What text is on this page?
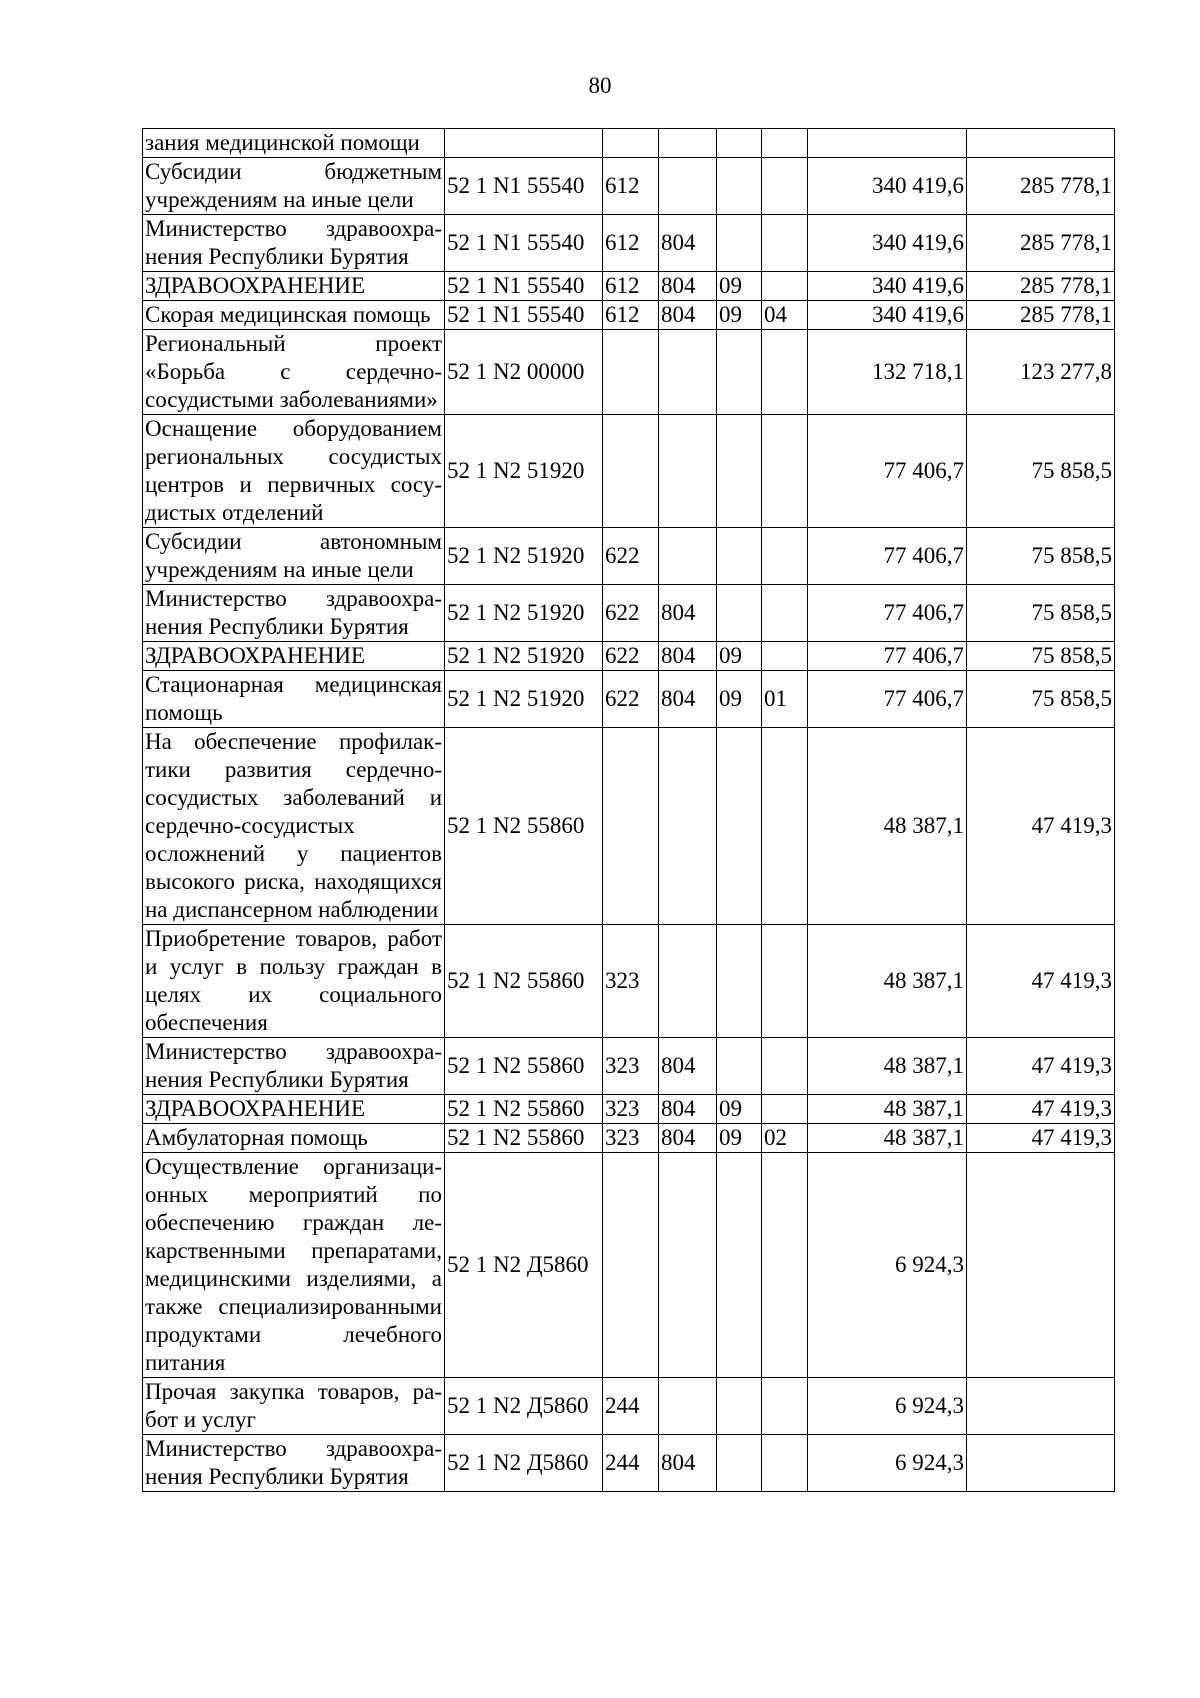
80
зания медицинской помощи							
Субсидии бюджетным учреждениям на иные цели	52 1 N1 55540	612				340 419,6	285 778,1
Министерство здравоохранения Республики Бурятия	52 1 N1 55540	612	804			340 419,6	285 778,1
ЗДРАВООХРАНЕНИЕ	52 1 N1 55540	612	804	09		340 419,6	285 778,1
Скорая медицинская помощь	52 1 N1 55540	612	804	09	04	340 419,6	285 778,1
Региональный проект «Борьба с сердечно-сосудистыми заболеваниями»	52 1 N2 00000					132 718,1	123 277,8
Оснащение оборудованием региональных сосудистых центров и первичных сосудистых отделений	52 1 N2 51920					77 406,7	75 858,5
Субсидии автономным учреждениям на иные цели	52 1 N2 51920	622				77 406,7	75 858,5
Министерство здравоохранения Республики Бурятия	52 1 N2 51920	622	804			77 406,7	75 858,5
ЗДРАВООХРАНЕНИЕ	52 1 N2 51920	622	804	09		77 406,7	75 858,5
Стационарная медицинская помощь	52 1 N2 51920	622	804	09	01	77 406,7	75 858,5
На обеспечение профилактики развития сердечно-сосудистых заболеваний и сердечно-сосудистых осложнений у пациентов высокого риска, находящихся на диспансерном наблюдении	52 1 N2 55860					48 387,1	47 419,3
Приобретение товаров, работ и услуг в пользу граждан в целях их социального обеспечения	52 1 N2 55860	323				48 387,1	47 419,3
Министерство здравоохранения Республики Бурятия	52 1 N2 55860	323	804			48 387,1	47 419,3
ЗДРАВООХРАНЕНИЕ	52 1 N2 55860	323	804	09		48 387,1	47 419,3
Амбулаторная помощь	52 1 N2 55860	323	804	09	02	48 387,1	47 419,3
Осуществление организационных мероприятий по обеспечению граждан лекарственными препаратами, медицинскими изделиями, а также специализированными продуктами лечебного питания	52 1 N2 Д5860					6 924,3	
Прочая закупка товаров, работ и услуг	52 1 N2 Д5860	244				6 924,3	
Министерство здравоохранения Республики Бурятия	52 1 N2 Д5860	244	804			6 924,3	
